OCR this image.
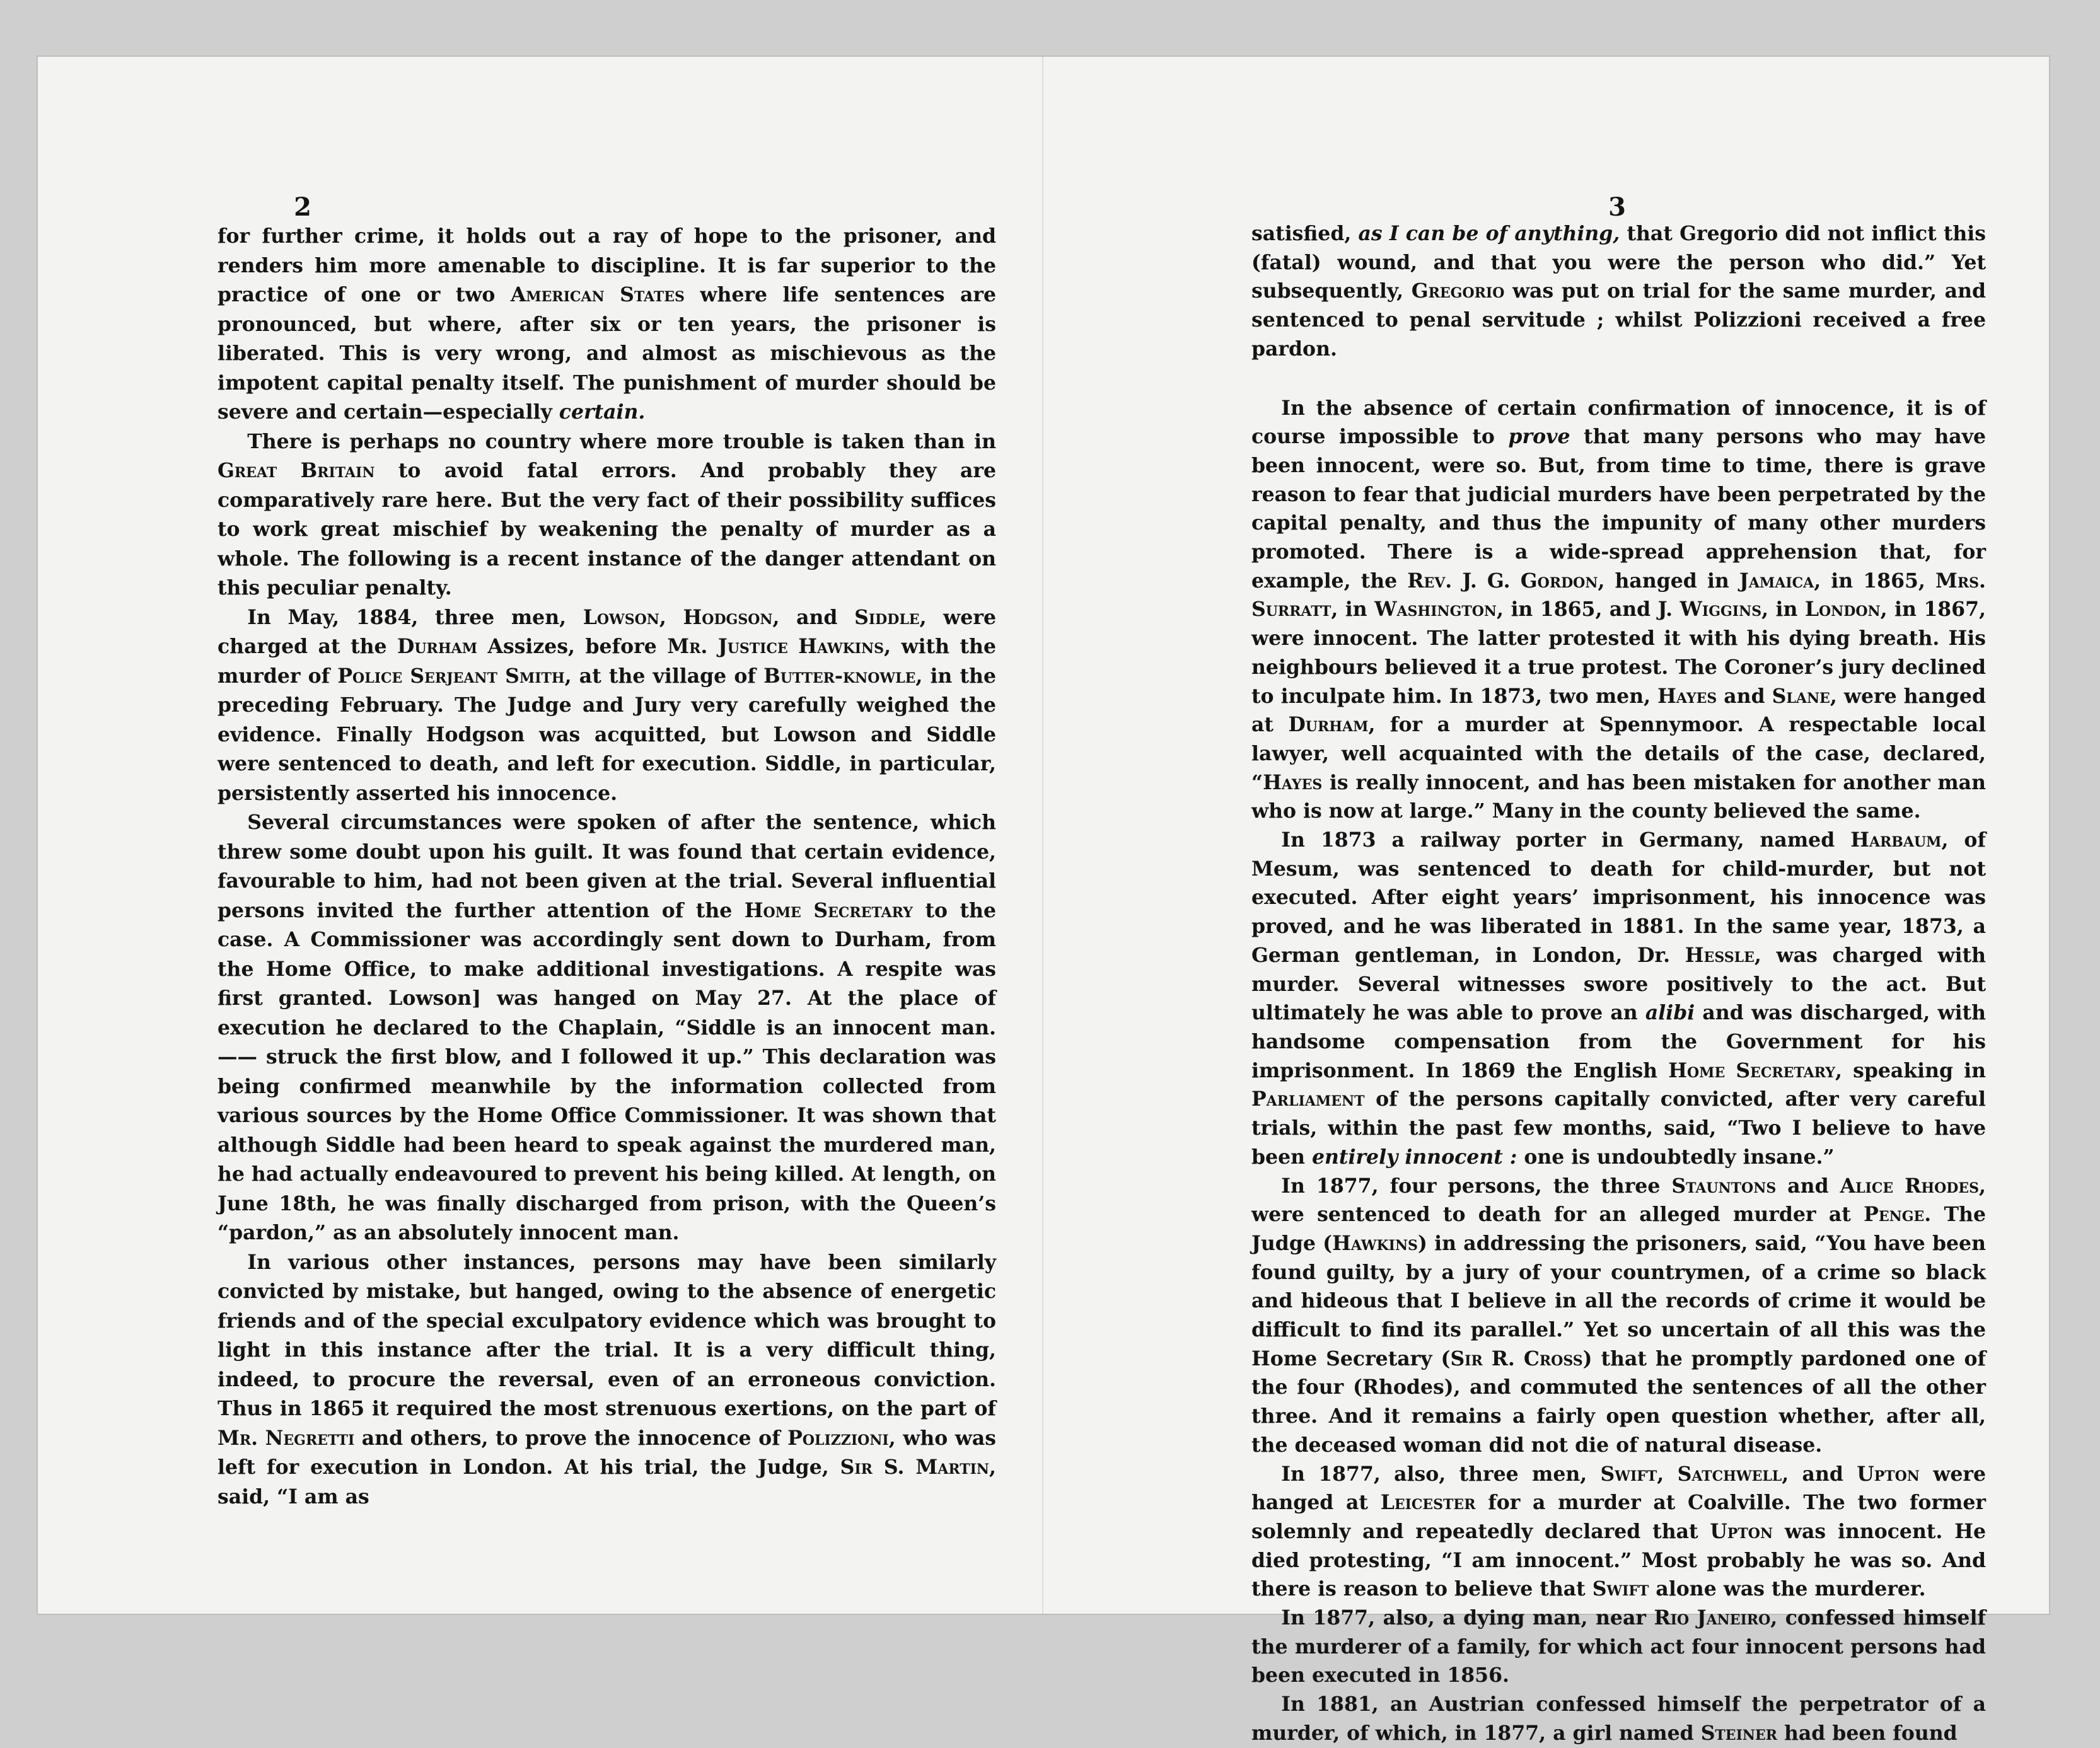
2

for further crime, it holds out a ray of hope to the prisoner, and renders him more amenable to discipline. It is far superior to the practice of one or two American States where life sentences are pronounced, but where, after six or ten years, the prisoner is liberated. This is very wrong, and almost as mischievous as the impotent capital penalty itself. The punishment of murder should be severe and certain—especially certain.

There is perhaps no country where more trouble is taken than in Great Britain to avoid fatal errors. And probably they are comparatively rare here. But the very fact of their possibility suffices to work great mischief by weakening the penalty of murder as a whole. The following is a recent instance of the danger attendant on this peculiar penalty.

In May, 1884, three men, Lowson, Hodgson, and Siddle, were charged at the Durham Assizes, before Mr. Justice Hawkins, with the murder of Police Serjeant Smith, at the village of Butter-knowle, in the preceding February. The Judge and Jury very carefully weighed the evidence. Finally Hodgson was acquitted, but Lowson and Siddle were sentenced to death, and left for execution. Siddle, in particular, persistently asserted his innocence.

Several circumstances were spoken of after the sentence, which threw some doubt upon his guilt. It was found that certain evidence, favourable to him, had not been given at the trial. Several influential persons invited the further attention of the Home Secretary to the case. A Commissioner was accordingly sent down to Durham, from the Home Office, to make additional investigations. A respite was first granted. Lowson] was hanged on May 27. At the place of execution he declared to the Chaplain, “Siddle is an innocent man. —— struck the first blow, and I followed it up.” This declaration was being confirmed meanwhile by the information collected from various sources by the Home Office Commissioner. It was shown that although Siddle had been heard to speak against the murdered man, he had actually endeavoured to prevent his being killed. At length, on June 18th, he was finally discharged from prison, with the Queen’s “pardon,” as an absolutely innocent man.

In various other instances, persons may have been similarly convicted by mistake, but hanged, owing to the absence of energetic friends and of the special exculpatory evidence which was brought to light in this instance after the trial. It is a very difficult thing, indeed, to procure the reversal, even of an erroneous conviction. Thus in 1865 it required the most strenuous exertions, on the part of Mr. Negretti and others, to prove the innocence of Polizzioni, who was left for execution in London. At his trial, the Judge, Sir S. Martin, said, “I am as

3

satisfied, as I can be of anything, that Gregorio did not inflict this (fatal) wound, and that you were the person who did.” Yet subsequently, Gregorio was put on trial for the same murder, and sentenced to penal servitude ; whilst Polizzioni received a free pardon.

In the absence of certain confirmation of innocence, it is of course impossible to prove that many persons who may have been innocent, were so. But, from time to time, there is grave reason to fear that judicial murders have been perpetrated by the capital penalty, and thus the impunity of many other murders promoted. There is a wide-spread apprehension that, for example, the Rev. J. G. Gordon, hanged in Jamaica, in 1865, Mrs. Surratt, in Washington, in 1865, and J. Wiggins, in London, in 1867, were innocent. The latter protested it with his dying breath. His neighbours believed it a true protest. The Coroner’s jury declined to inculpate him. In 1873, two men, Hayes and Slane, were hanged at Durham, for a murder at Spennymoor. A respectable local lawyer, well acquainted with the details of the case, declared, “Hayes is really innocent, and has been mistaken for another man who is now at large.” Many in the county believed the same.

In 1873 a railway porter in Germany, named Harbaum, of Mesum, was sentenced to death for child-murder, but not executed. After eight years’ imprisonment, his innocence was proved, and he was liberated in 1881. In the same year, 1873, a German gentleman, in London, Dr. Hessle, was charged with murder. Several witnesses swore positively to the act. But ultimately he was able to prove an alibi and was discharged, with handsome compensation from the Government for his imprisonment. In 1869 the English Home Secretary, speaking in Parliament of the persons capitally convicted, after very careful trials, within the past few months, said, “Two I believe to have been entirely innocent : one is undoubtedly insane.”

In 1877, four persons, the three Stauntons and Alice Rhodes, were sentenced to death for an alleged murder at Penge. The Judge (Hawkins) in addressing the prisoners, said, “You have been found guilty, by a jury of your countrymen, of a crime so black and hideous that I believe in all the records of crime it would be difficult to find its parallel.” Yet so uncertain of all this was the Home Secretary (Sir R. Cross) that he promptly pardoned one of the four (Rhodes), and commuted the sentences of all the other three. And it remains a fairly open question whether, after all, the deceased woman did not die of natural disease.

In 1877, also, three men, Swift, Satchwell, and Upton were hanged at Leicester for a murder at Coalville. The two former solemnly and repeatedly declared that Upton was innocent. He died protesting, “I am innocent.” Most probably he was so. And there is reason to believe that Swift alone was the murderer.

In 1877, also, a dying man, near Rio Janeiro, confessed himself the murderer of a family, for which act four innocent persons had been executed in 1856.

In 1881, an Austrian confessed himself the perpetrator of a murder, of which, in 1877, a girl named Steiner had been found
